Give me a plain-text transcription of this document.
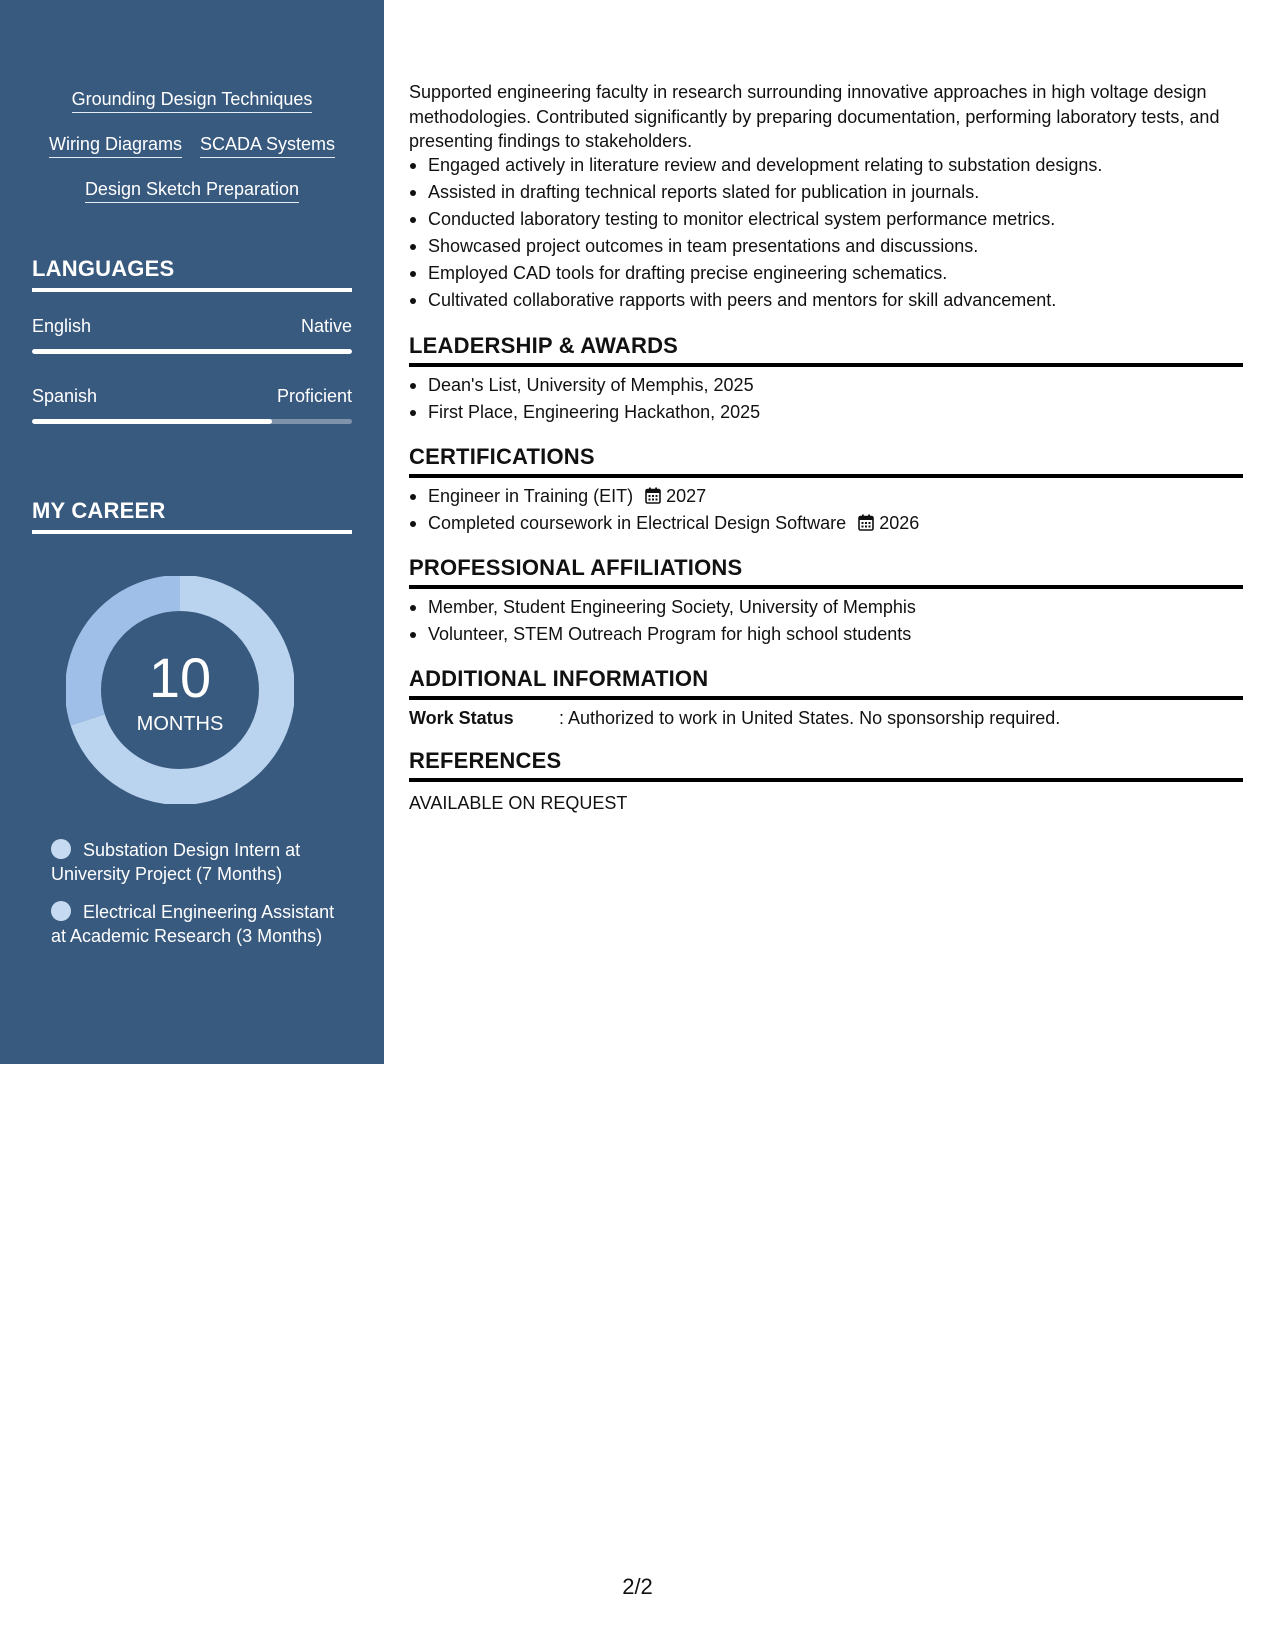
Grounding Design Techniques
Wiring Diagrams SCADA Systems
Design Sketch Preparation
LANGUAGES
English	Native
Spanish	Proficient
MY CAREER
10
MONTHS
Substation Design Intern at University Project (7 Months)
Electrical Engineering Assistant at Academic Research (3 Months)

Supported engineering faculty in research surrounding innovative approaches in high voltage design methodologies. Contributed significantly by preparing documentation, performing laboratory tests, and presenting findings to stakeholders.

Engaged actively in literature review and development relating to substation designs.
Assisted in drafting technical reports slated for publication in journals.
Conducted laboratory testing to monitor electrical system performance metrics.
Showcased project outcomes in team presentations and discussions.
Employed CAD tools for drafting precise engineering schematics.
Cultivated collaborative rapports with peers and mentors for skill advancement.
LEADERSHIP & AWARDS
Dean's List, University of Memphis, 2025
First Place, Engineering Hackathon, 2025
CERTIFICATIONS
Engineer in Training (EIT) 2027
Completed coursework in Electrical Design Software 2026
PROFESSIONAL AFFILIATIONS
Member, Student Engineering Society, University of Memphis
Volunteer, STEM Outreach Program for high school students
ADDITIONAL INFORMATION
Work Status	: Authorized to work in United States. No sponsorship required.
REFERENCES
AVAILABLE ON REQUEST
2/2
